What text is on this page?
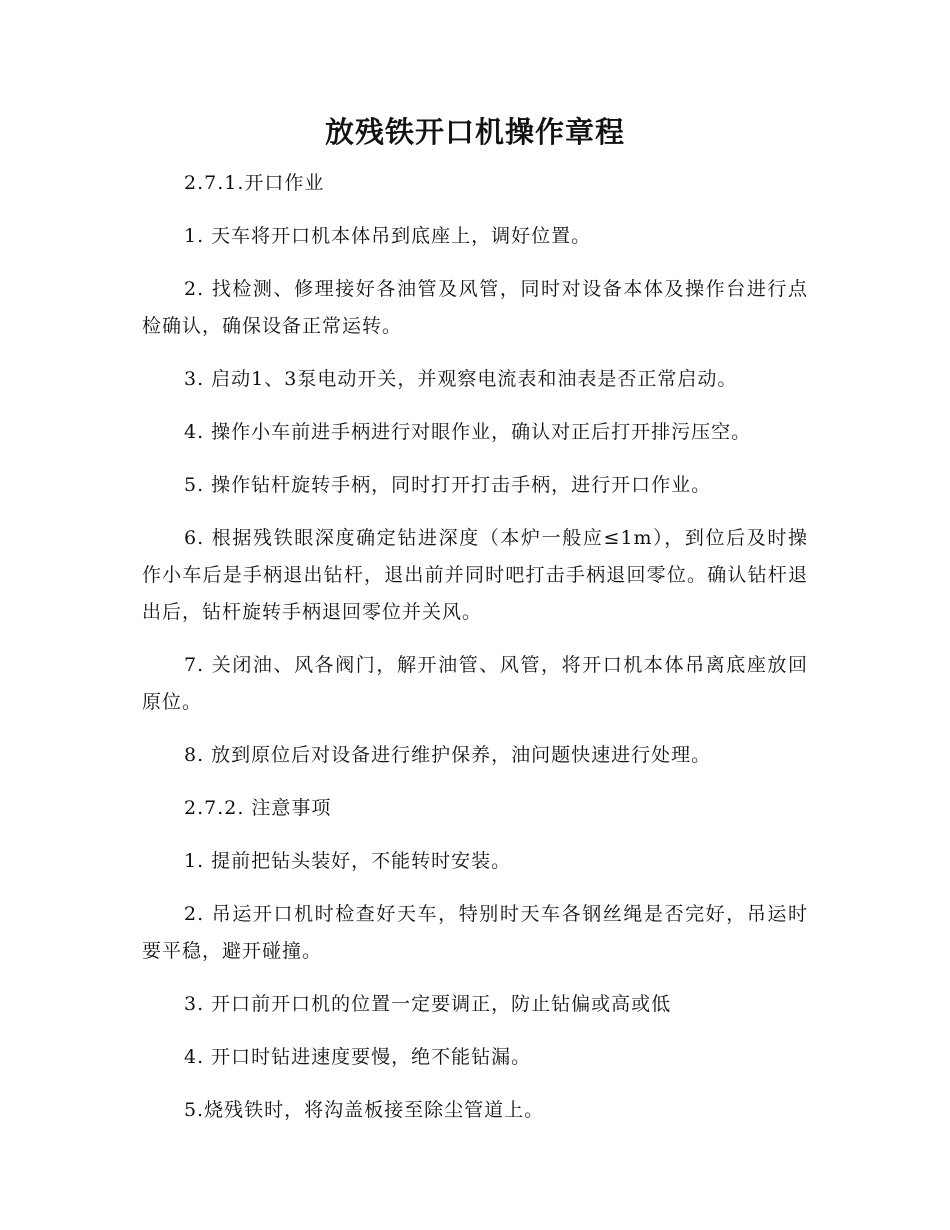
放残铁开口机操作章程

2.7.1.开口作业

1. 天车将开口机本体吊到底座上，调好位置。

2. 找检测、修理接好各油管及风管，同时对设备本体及操作台进行点检确认，确保设备正常运转。

3. 启动1、3泵电动开关，并观察电流表和油表是否正常启动。

4. 操作小车前进手柄进行对眼作业，确认对正后打开排污压空。

5. 操作钻杆旋转手柄，同时打开打击手柄，进行开口作业。

6. 根据残铁眼深度确定钻进深度（本炉一般应≤1m），到位后及时操作小车后是手柄退出钻杆，退出前并同时吧打击手柄退回零位。确认钻杆退出后，钻杆旋转手柄退回零位并关风。

7. 关闭油、风各阀门，解开油管、风管，将开口机本体吊离底座放回原位。

8. 放到原位后对设备进行维护保养，油问题快速进行处理。

2.7.2. 注意事项

1. 提前把钻头装好，不能转时安装。

2. 吊运开口机时检查好天车，特别时天车各钢丝绳是否完好，吊运时要平稳，避开碰撞。

3. 开口前开口机的位置一定要调正，防止钻偏或高或低

4. 开口时钻进速度要慢，绝不能钻漏。

5.烧残铁时，将沟盖板接至除尘管道上。
